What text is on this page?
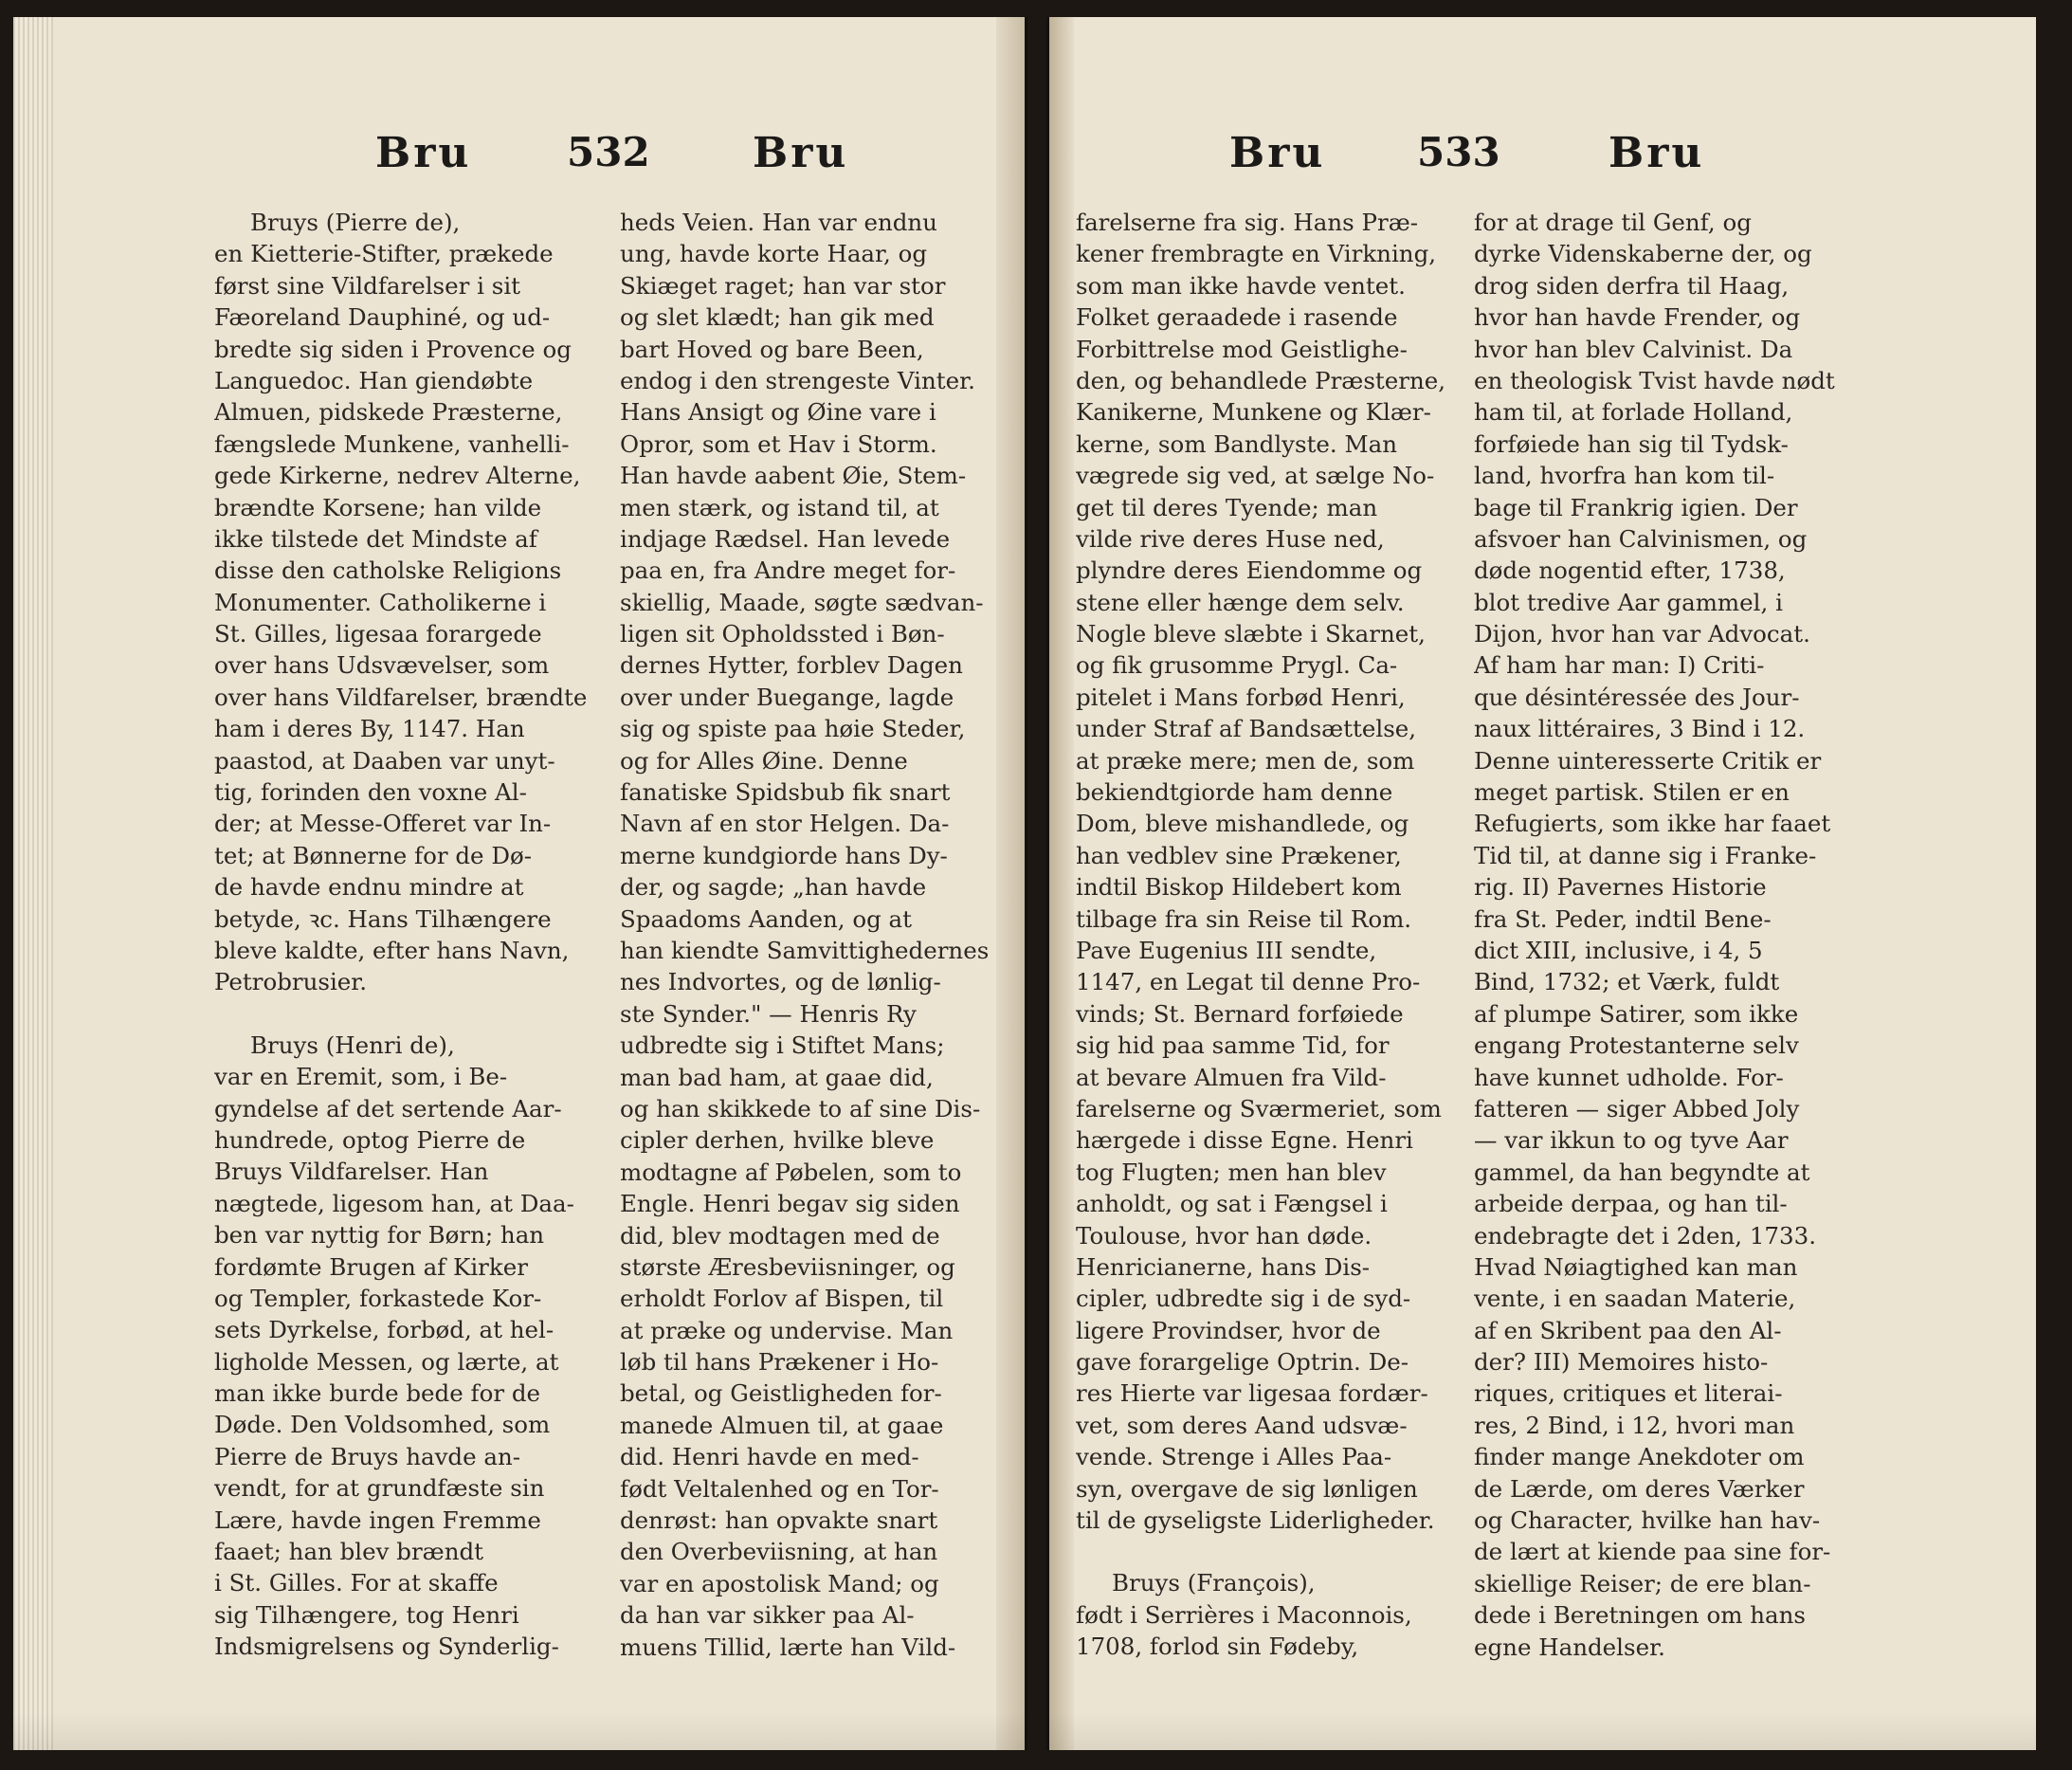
Bru 532 Bru
Bruys (Pierre de),
en Kietterie-Stifter, prækede
først sine Vildfarelser i sit
Fæoreland Dauphiné, og ud-
bredte sig siden i Provence og
Languedoc. Han giendøbte
Almuen, pidskede Præsterne,
fængslede Munkene, vanhelli-
gede Kirkerne, nedrev Alterne,
brændte Korsene; han vilde
ikke tilstede det Mindste af
disse den catholske Religions
Monumenter. Catholikerne i
St. Gilles, ligesaa forargede
over hans Udsvævelser, som
over hans Vildfarelser, brændte
ham i deres By, 1147. Han
paastod, at Daaben var unyt-
tig, forinden den voxne Al-
der; at Messe-Offeret var In-
tet; at Bønnerne for de Dø-
de havde endnu mindre at
betyde, ꝛc. Hans Tilhængere
bleve kaldte, efter hans Navn,
Petrobrusier.
Bruys (Henri de),
var en Eremit, som, i Be-
gyndelse af det sertende Aar-
hundrede, optog Pierre de
Bruys Vildfarelser. Han
nægtede, ligesom han, at Daa-
ben var nyttig for Børn; han
fordømte Brugen af Kirker
og Templer, forkastede Kor-
sets Dyrkelse, forbød, at hel-
ligholde Messen, og lærte, at
man ikke burde bede for de
Døde. Den Voldsomhed, som
Pierre de Bruys havde an-
vendt, for at grundfæste sin
Lære, havde ingen Fremme
faaet; han blev brændt
i St. Gilles. For at skaffe
sig Tilhængere, tog Henri
Indsmigrelsens og Synderlig-
heds Veien. Han var endnu
ung, havde korte Haar, og
Skiæget raget; han var stor
og slet klædt; han gik med
bart Hoved og bare Been,
endog i den strengeste Vinter.
Hans Ansigt og Øine vare i
Opror, som et Hav i Storm.
Han havde aabent Øie, Stem-
men stærk, og istand til, at
indjage Rædsel. Han levede
paa en, fra Andre meget for-
skiellig, Maade, søgte sædvan-
ligen sit Opholdssted i Bøn-
dernes Hytter, forblev Dagen
over under Buegange, lagde
sig og spiste paa høie Steder,
og for Alles Øine. Denne
fanatiske Spidsbub fik snart
Navn af en stor Helgen. Da-
merne kundgiorde hans Dy-
der, og sagde; „han havde
Spaadoms Aanden, og at
han kiendte Samvittighedernes
nes Indvortes, og de lønlig-
ste Synder." — Henris Ry
udbredte sig i Stiftet Mans;
man bad ham, at gaae did,
og han skikkede to af sine Dis-
cipler derhen, hvilke bleve
modtagne af Pøbelen, som to
Engle. Henri begav sig siden
did, blev modtagen med de
største Æresbeviisninger, og
erholdt Forlov af Bispen, til
at præke og undervise. Man
løb til hans Prækener i Ho-
betal, og Geistligheden for-
manede Almuen til, at gaae
did. Henri havde en med-
født Veltalenhed og en Tor-
denrøst: han opvakte snart
den Overbeviisning, at han
var en apostolisk Mand; og
da han var sikker paa Al-
muens Tillid, lærte han Vild-
Bru 533	Bru
farelserne fra sig. Hans Præ-
kener frembragte en Virkning,
som man ikke havde ventet.
Folket geraadede i rasende
Forbittrelse mod Geistlighe-
den, og behandlede Præsterne,
Kanikerne, Munkene og Klær-
kerne, som Bandlyste. Man
vægrede sig ved, at sælge No-
get til deres Tyende; man
vilde rive deres Huse ned,
plyndre deres Eiendomme og
stene eller hænge dem selv.
Nogle bleve slæbte i Skarnet,
og fik grusomme Prygl. Ca-
pitelet i Mans forbød Henri,
under Straf af Bandsættelse,
at præke mere; men de, som
bekiendtgiorde ham denne
Dom, bleve mishandlede, og
han vedblev sine Prækener,
indtil Biskop Hildebert kom
tilbage fra sin Reise til Rom.
Pave Eugenius III sendte,
1147, en Legat til denne Pro-
vinds; St. Bernard forføiede
sig hid paa samme Tid, for
at bevare Almuen fra Vild-
farelserne og Sværmeriet, som
hærgede i disse Egne. Henri
tog Flugten; men han blev
anholdt, og sat i Fængsel i
Toulouse, hvor han døde.
Henricianerne, hans Dis-
cipler, udbredte sig i de syd-
ligere Provindser, hvor de
gave forargelige Optrin. De-
res Hierte var ligesaa fordær-
vet, som deres Aand udsvæ-
vende. Strenge i Alles Paa-
syn, overgave de sig lønligen
til de gyseligste Liderligheder.
Bruys (François),
født i Serrières i Maconnois,
1708, forlod sin Fødeby,
for at drage til Genf, og
dyrke Videnskaberne der, og
drog siden derfra til Haag,
hvor han havde Frender, og
hvor han blev Calvinist. Da
en theologisk Tvist havde nødt
ham til, at forlade Holland,
forføiede han sig til Tydsk-
land, hvorfra han kom til-
bage til Frankrig igien. Der
afsvoer han Calvinismen, og
døde nogentid efter, 1738,
blot tredive Aar gammel, i
Dijon, hvor han var Advocat.
Af ham har man: I) Criti-
que désintéressée des Jour-
naux littéraires, 3 Bind i 12.
Denne uinteresserte Critik er
meget partisk. Stilen er en
Refugierts, som ikke har faaet
Tid til, at danne sig i Franke-
rig. II) Pavernes Historie
fra St. Peder, indtil Bene-
dict XIII, inclusive, i 4, 5
Bind, 1732; et Værk, fuldt
af plumpe Satirer, som ikke
engang Protestanterne selv
have kunnet udholde. For-
fatteren — siger Abbed Joly
— var ikkun to og tyve Aar
gammel, da han begyndte at
arbeide derpaa, og han til-
endebragte det i 2den, 1733.
Hvad Nøiagtighed kan man
vente, i en saadan Materie,
af en Skribent paa den Al-
der? III) Memoires histo-
riques, critiques et literai-
res, 2 Bind, i 12, hvori man
finder mange Anekdoter om
de Lærde, om deres Værker
og Character, hvilke han hav-
de lært at kiende paa sine for-
skiellige Reiser; de ere blan-
dede i Beretningen om hans
egne Handelser.
